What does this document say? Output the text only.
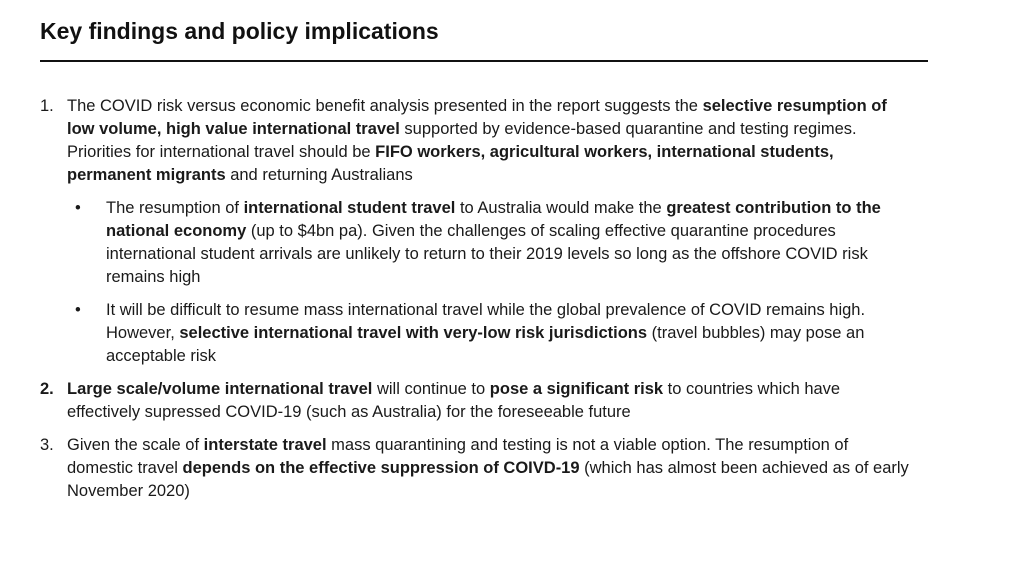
Key findings and policy implications
1. The COVID risk versus economic benefit analysis presented in the report suggests the selective resumption of low volume, high value international travel supported by evidence-based quarantine and testing regimes. Priorities for international travel should be FIFO workers, agricultural workers, international students, permanent migrants and returning Australians
• The resumption of international student travel to Australia would make the greatest contribution to the national economy (up to $4bn pa). Given the challenges of scaling effective quarantine procedures international student arrivals are unlikely to return to their 2019 levels so long as the offshore COVID risk remains high
• It will be difficult to resume mass international travel while the global prevalence of COVID remains high. However, selective international travel with very-low risk jurisdictions (travel bubbles) may pose an acceptable risk
2. Large scale/volume international travel will continue to pose a significant risk to countries which have effectively supressed COVID-19 (such as Australia) for the foreseeable future
3. Given the scale of interstate travel mass quarantining and testing is not a viable option. The resumption of domestic travel depends on the effective suppression of COIVD-19 (which has almost been achieved as of early November 2020)
